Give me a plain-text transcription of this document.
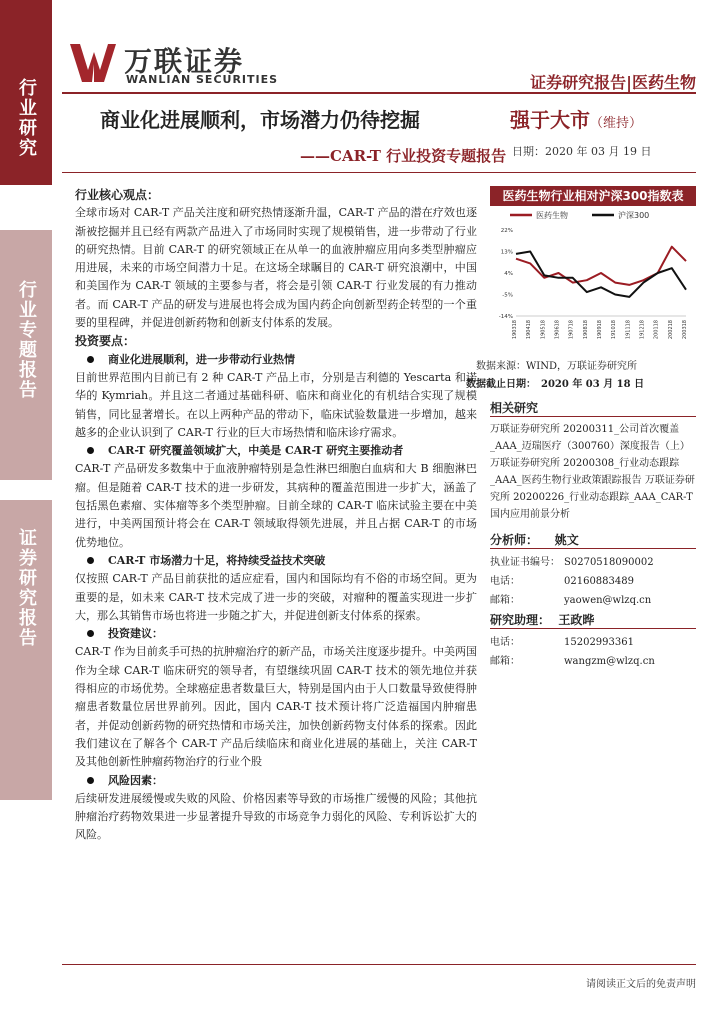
行业研究
行业专题报告
证券研究报告
万联证券
WANLIAN SECURITIES	证券研究报告|医药生物
商业化进展顺利，市场潜力仍待挖掘
——CAR-T 行业投资专题报告
强于大市（维持）
日期：2020 年 03 月 19 日
行业核心观点：
全球市场对 CAR-T 产品关注度和研究热情逐渐升温，CAR-T 产品的潜在疗效也逐渐被挖掘并且已经有两款产品进入了市场同时实现了规模销售，进一步带动了行业的研究热情。目前 CAR-T 的研究领域正在从单一的血液肿瘤应用向多类型肿瘤应用进展，未来的市场空间潜力十足。在这场全球瞩目的 CAR-T 研究浪潮中，中国和美国作为 CAR-T 领域的主要参与者，将会是引领 CAR-T 行业发展的有力推动者。而 CAR-T 产品的研发与进展也将会成为国内药企向创新型药企转型的一个重要的里程碑，并促进创新药物和创新支付体系的发展。
投资要点：
商业化进展顺利，进一步带动行业热情
目前世界范围内目前已有 2 种 CAR-T 产品上市，分别是吉利德的 Yescarta 和诺华的 Kymriah。并且这二者通过基础科研、临床和商业化的有机结合实现了规模销售，同比显著增长。在以上两种产品的带动下，临床试验数量进一步增加，越来越多的企业认识到了 CAR-T 行业的巨大市场热情和临床诊疗需求。
CAR-T 研究覆盖领域扩大，中美是 CAR-T 研究主要推动者
CAR-T 产品研发多数集中于血液肿瘤特别是急性淋巴细胞白血病和大 B 细胞淋巴瘤。但是随着 CAR-T 技术的进一步研发，其病种的覆盖范围进一步扩大，涵盖了包括黑色素瘤、实体瘤等多个类型肿瘤。目前全球的 CAR-T 临床试验主要在中美进行，中美两国预计将会在 CAR-T 领域取得领先进展，并且占据 CAR-T 的市场优势地位。
CAR-T 市场潜力十足，将持续受益技术突破
仅按照 CAR-T 产品目前获批的适应症看，国内和国际均有不俗的市场空间。更为重要的是，如未来 CAR-T 技术完成了进一步的突破，对瘤种的覆盖实现进一步扩大，那么其销售市场也将进一步随之扩大，并促进创新支付体系的探索。
投资建议：
CAR-T 作为目前炙手可热的抗肿瘤治疗的新产品，市场关注度逐步提升。中美两国作为全球 CAR-T 临床研究的领导者，有望继续巩固 CAR-T 技术的领先地位并获得相应的市场优势。全球癌症患者数量巨大，特别是国内由于人口数量导致使得肿瘤患者数量位居世界前列。因此，国内 CAR-T 技术预计将广泛造福国内肿瘤患者，并促动创新药物的研究热情和市场关注，加快创新药物支付体系的探索。因此我们建议在了解各个 CAR-T 产品后续临床和商业化进展的基础上，关注 CAR-T 及其他创新性肿瘤药物治疗的行业个股
风险因素：
后续研发进展缓慢或失败的风险、价格因素等导致的市场推广缓慢的风险；其他抗肿瘤治疗药物效果进一步显著提升导致的市场竞争力弱化的风险、专利诉讼扩大的风险。
医药生物行业相对沪深300指数表
医药生物	沪深300
22%
13%
4%
-5%
-14%
190318 190418 190518 190618 190718 190818 190918 191018 191118 191218 200118 200218 200318
数据来源：WIND，万联证券研究所
数据截止日期：　2020 年 03 月 18 日
相关研究
万联证券研究所 20200311_公司首次覆盖_AAA_迈瑞医疗（300760）深度报告（上）万联证券研究所 20200308_行业动态跟踪_AAA_医药生物行业政策跟踪报告 万联证券研究所 20200226_行业动态跟踪_AAA_CAR-T 国内应用前景分析
分析师： 姚文
执业证书编号： S0270518090002
电话：	02160883489
邮箱：	yaowen@wlzq.cn
研究助理： 王政晔
电话：	15202993361
邮箱：	wangzm@wlzq.cn
请阅读正文后的免责声明
